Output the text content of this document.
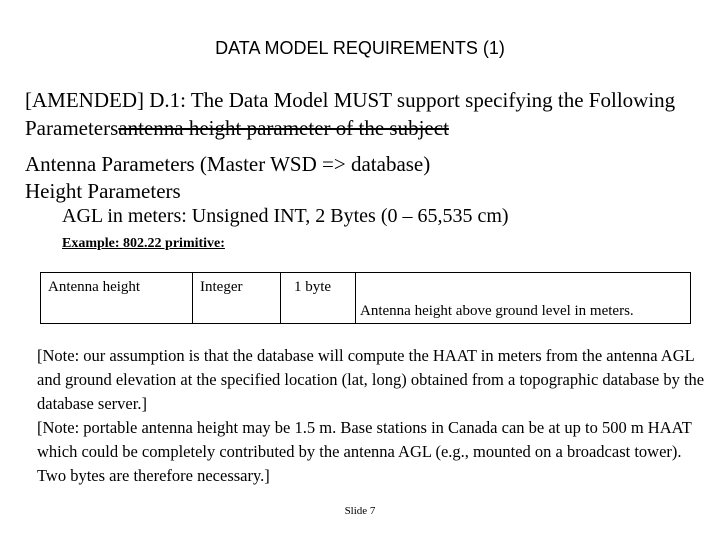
DATA MODEL REQUIREMENTS (1)
[AMENDED] D.1: The Data Model MUST support specifying the Following Parametersantenna height parameter of the subject
Antenna Parameters (Master WSD => database)
Height Parameters
AGL in meters: Unsigned INT, 2 Bytes (0 – 65,535 cm)
Example: 802.22 primitive:
Antenna height	Integer	1 byte	Antenna height above ground level in meters.

[Note: our assumption is that the database will compute the HAAT in meters from the antenna AGL and ground elevation at the specified location (lat, long) obtained from a topographic database by the database server.]

[Note: portable antenna height may be 1.5 m. Base stations in Canada can be at up to 500 m HAAT which could be completely contributed by the antenna AGL (e.g., mounted on a broadcast tower). Two bytes are therefore necessary.]

Slide 7
